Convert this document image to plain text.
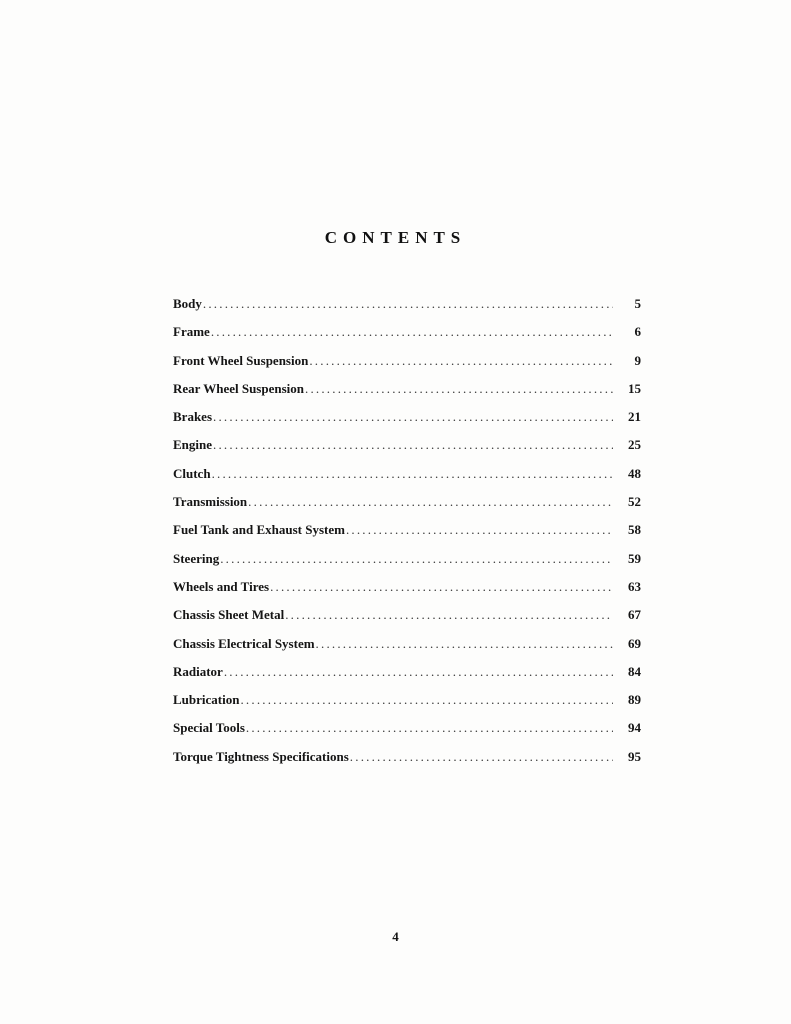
CONTENTS
Body .....	5
Frame .....	6
Front Wheel Suspension .....	9
Rear Wheel Suspension .....	15
Brakes .....	21
Engine .....	25
Clutch .....	48
Transmission .....	52
Fuel Tank and Exhaust System .....	58
Steering .....	59
Wheels and Tires .....	63
Chassis Sheet Metal .....	67
Chassis Electrical System .....	69
Radiator .....	84
Lubrication .....	89
Special Tools .....	94
Torque Tightness Specifications .....	95
4
